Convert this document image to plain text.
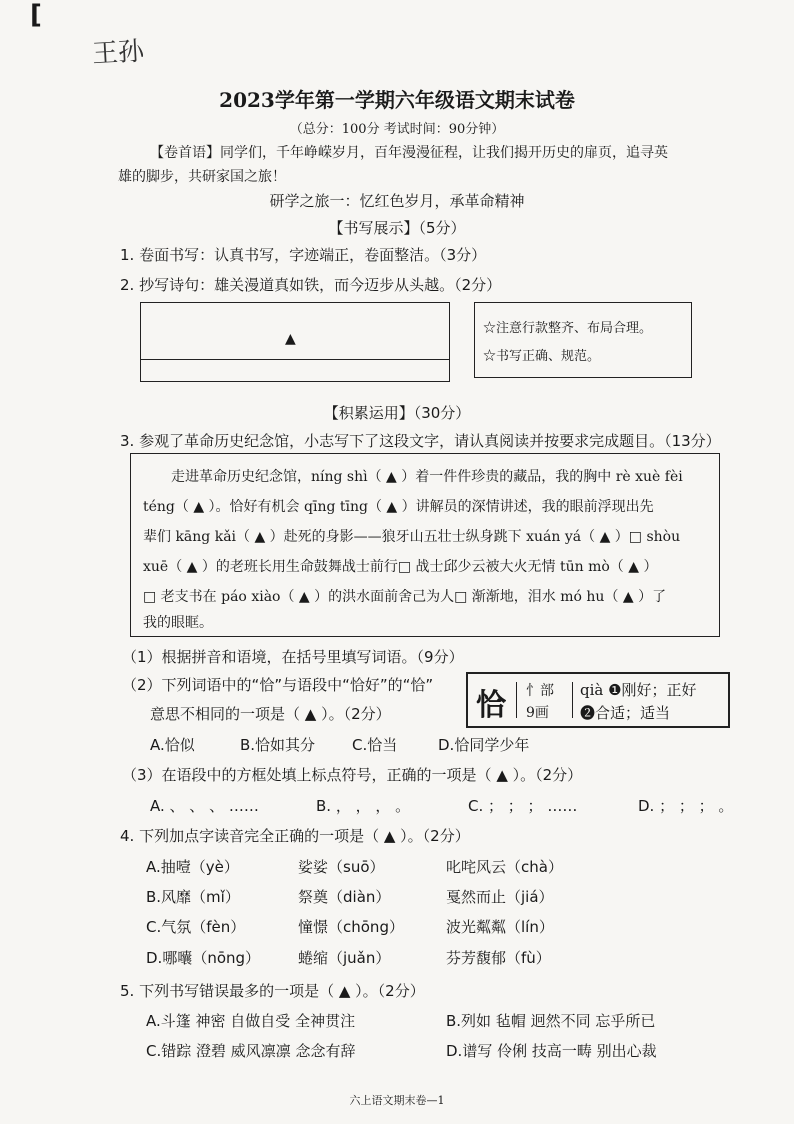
[
王孙
2023学年第一学期六年级语文期末试卷
（总分：100分 考试时间：90分钟）
【卷首语】同学们，千年峥嵘岁月，百年漫漫征程，让我们揭开历史的扉页，追寻英
雄的脚步，共研家国之旅！
研学之旅一：忆红色岁月，承革命精神
【书写展示】（5分）
1. 卷面书写：认真书写，字迹端正，卷面整洁。（3分）
2. 抄写诗句：雄关漫道真如铁，而今迈步从头越。（2分）
▲
☆注意行款整齐、布局合理。
☆书写正确、规范。
【积累运用】（30分）
3. 参观了革命历史纪念馆，小志写下了这段文字，请认真阅读并按要求完成题目。（13分）
走进革命历史纪念馆，níng shì（ ▲ ）着一件件珍贵的藏品，我的胸中 rè xuè fèi
téng（ ▲ ）。恰好有机会 qīng tīng（ ▲ ）讲解员的深情讲述，我的眼前浮现出先
辈们 kāng kǎi（ ▲ ）赴死的身影——狼牙山五壮士纵身跳下 xuán yá（ ▲ ）□ shòu
xuē（ ▲ ）的老班长用生命鼓舞战士前行□ 战士邱少云被大火无情 tūn mò（ ▲ ）
□ 老支书在 páo xiào（ ▲ ）的洪水面前舍己为人□ 渐渐地，泪水 mó hu（ ▲ ）了
我的眼眶。
（1）根据拼音和语境，在括号里填写词语。（9分）
（2）下列词语中的“恰”与语段中“恰好”的“恰”
意思不相同的一项是（ ▲ ）。（2分）	恰 忄部
9画
qià ❶刚好；正好
❷合适；适当
A.恰似	B.恰如其分 C.恰当	D.恰同学少年
（3）在语段中的方框处填上标点符号，正确的一项是（ ▲ ）。（2分）
A. 、 、 、 ……	B. ， ， ， 。	C. ； ； ； ……	D. ； ； ； 。
4. 下列加点字读音完全正确的一项是（ ▲ ）。（2分）
A.抽噎（yè）	娑娑（suō）	叱咤风云（chà）
B.风靡（mǐ）	祭奠（diàn）	戛然而止（jiá）
C.气氛（fèn）	憧憬（chōng）	波光粼粼（lín）
D.哪囔（nōng）	蜷缩（juǎn）	芬芳馥郁（fù）
5. 下列书写错误最多的一项是（ ▲ ）。（2分）
A.斗篷 神密 自做自受 全神贯注	B.列如 毡帽 迥然不同 忘乎所已
C.错踪 澄碧 威风凛凛 念念有辞	D.谱写 伶俐 技高一畴 别出心裁
六上语文期末卷—1
